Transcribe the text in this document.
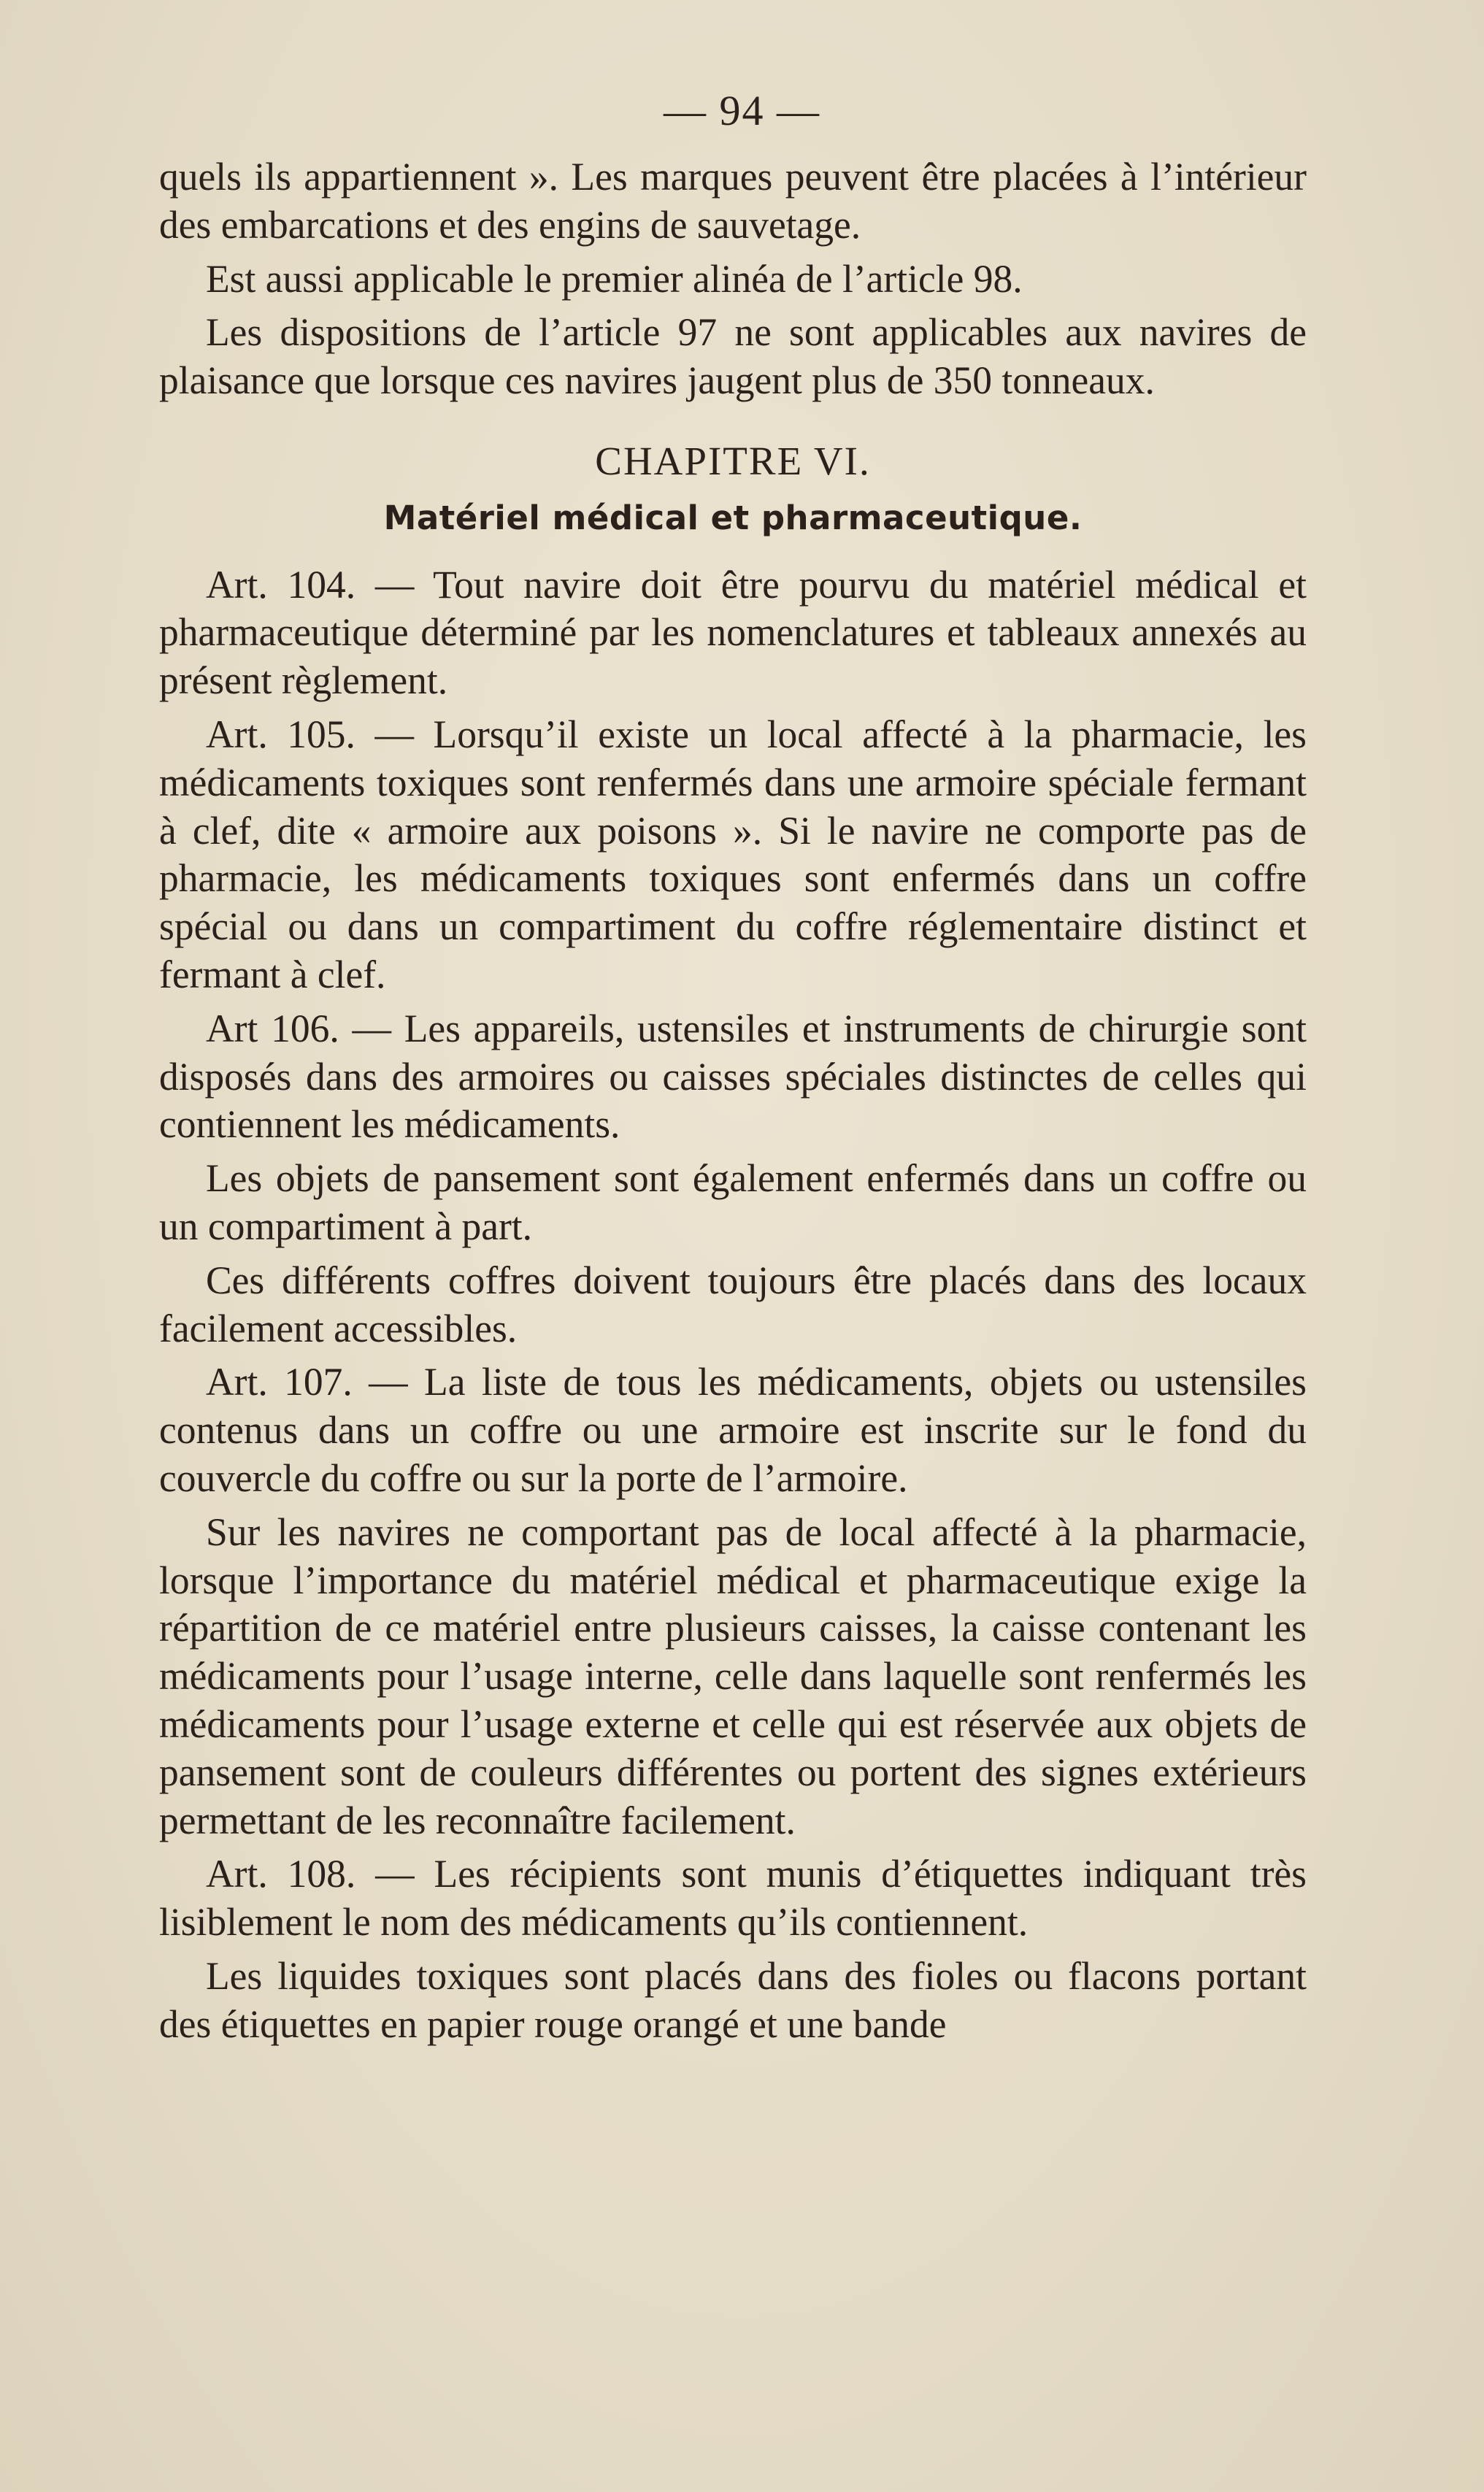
— 94 —

quels ils appartiennent ». Les marques peuvent être placées à l’intérieur des embarcations et des engins de sauvetage.

Est aussi applicable le premier alinéa de l’article 98.

Les dispositions de l’article 97 ne sont applicables aux navires de plaisance que lorsque ces navires jaugent plus de 350 tonneaux.

CHAPITRE VI.
Matériel médical et pharmaceutique.

Art. 104. — Tout navire doit être pourvu du matériel médical et pharmaceutique déterminé par les nomenclatures et tableaux annexés au présent règlement.

Art. 105. — Lorsqu’il existe un local affecté à la pharmacie, les médicaments toxiques sont renfermés dans une armoire spéciale fermant à clef, dite « armoire aux poisons ». Si le navire ne comporte pas de pharmacie, les médicaments toxiques sont enfermés dans un coffre spécial ou dans un compartiment du coffre réglementaire distinct et fermant à clef.

Art 106. — Les appareils, ustensiles et instruments de chirurgie sont disposés dans des armoires ou caisses spéciales distinctes de celles qui contiennent les médicaments.

Les objets de pansement sont également enfermés dans un coffre ou un compartiment à part.

Ces différents coffres doivent toujours être placés dans des locaux facilement accessibles.

Art. 107. — La liste de tous les médicaments, objets ou ustensiles contenus dans un coffre ou une armoire est inscrite sur le fond du couvercle du coffre ou sur la porte de l’armoire.

Sur les navires ne comportant pas de local affecté à la pharmacie, lorsque l’importance du matériel médical et pharmaceutique exige la répartition de ce matériel entre plusieurs caisses, la caisse contenant les médicaments pour l’usage interne, celle dans laquelle sont renfermés les médicaments pour l’usage externe et celle qui est réservée aux objets de pansement sont de couleurs différentes ou portent des signes extérieurs permettant de les reconnaître facilement.

Art. 108. — Les récipients sont munis d’étiquettes indiquant très lisiblement le nom des médicaments qu’ils contiennent.

Les liquides toxiques sont placés dans des fioles ou flacons portant des étiquettes en papier rouge orangé et une bande
